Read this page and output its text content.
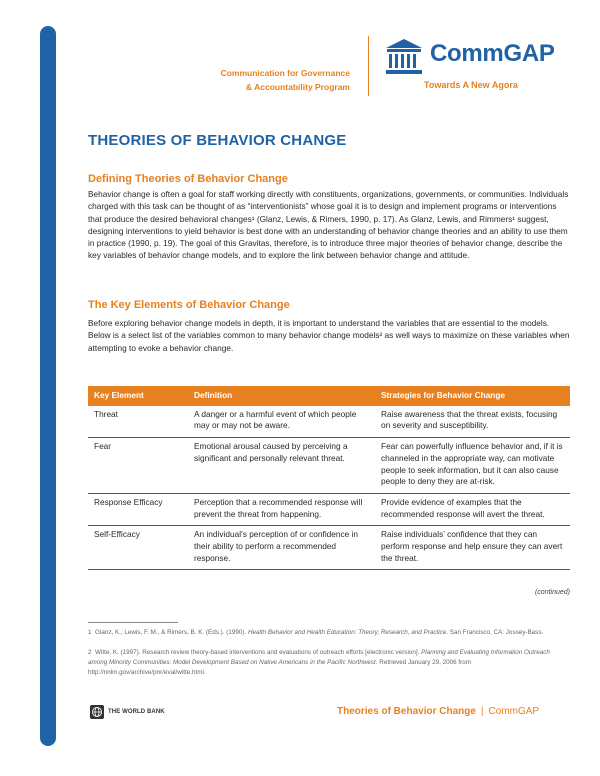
Communication for Governance
& Accountability Program
CommGAP
Towards A New Agora
THEORIES OF BEHAVIOR CHANGE
Defining Theories of Behavior Change
Behavior change is often a goal for staff working directly with constituents, organizations, governments, or communities. Individuals charged with this task can be thought of as “interventionists” whose goal it is to design and implement programs or interventions that produce the desired behavioral changes¹ (Glanz, Lewis, & Rimers, 1990, p. 17). As Glanz, Lewis, and Rimmers¹ suggest, designing interventions to yield behavior is best done with an understanding of behavior change theories and an ability to use them in practice (1990, p. 19). The goal of this Gravitas, therefore, is to introduce three major theories of behavior change, describe the key variables of behavior change models, and to explore the link between behavior change and attitude.
The Key Elements of Behavior Change
Before exploring behavior change models in depth, it is important to understand the variables that are essential to the models. Below is a select list of the variables common to many behavior change models² as well ways to maximize on these variables when attempting to evoke a behavior change.
Key Element	Definition	Strategies for Behavior Change
Threat	A danger or a harmful event of which people may or may not be aware.	Raise awareness that the threat exists, focusing on severity and susceptibility.
Fear	Emotional arousal caused by perceiving a significant and personally relevant threat.	Fear can powerfully influence behavior and, if it is channeled in the appropriate way, can motivate people to seek information, but it can also cause people to deny they are at-risk.
Response Efficacy	Perception that a recommended response will prevent the threat from happening.	Provide evidence of examples that the recommended response will avert the threat.
Self-Efficacy	An individual’s perception of or confidence in their ability to perform a recommended response.	Raise individuals’ confidence that they can perform response and help ensure they can avert the threat.
(continued)
1 Glanz, K., Lewis, F. M., & Rimers, B. K. (Eds.). (1990). Health Behavior and Health Education: Theory, Research, and Practice. San Francisco, CA: Jossey-Bass.
2 Witte, K. (1997). Research review theory-based interventions and evaluations of outreach efforts [electronic version]. Planning and Evaluating Information Outreach among Minority Communities: Model Development Based on Native Americans in the Pacific Northwest. Retrieved January 29, 2006 from http://nnlm.gov/archive/pnr/eval/witte.html.
THE WORLD BANK	Theories of Behavior Change | CommGAP
